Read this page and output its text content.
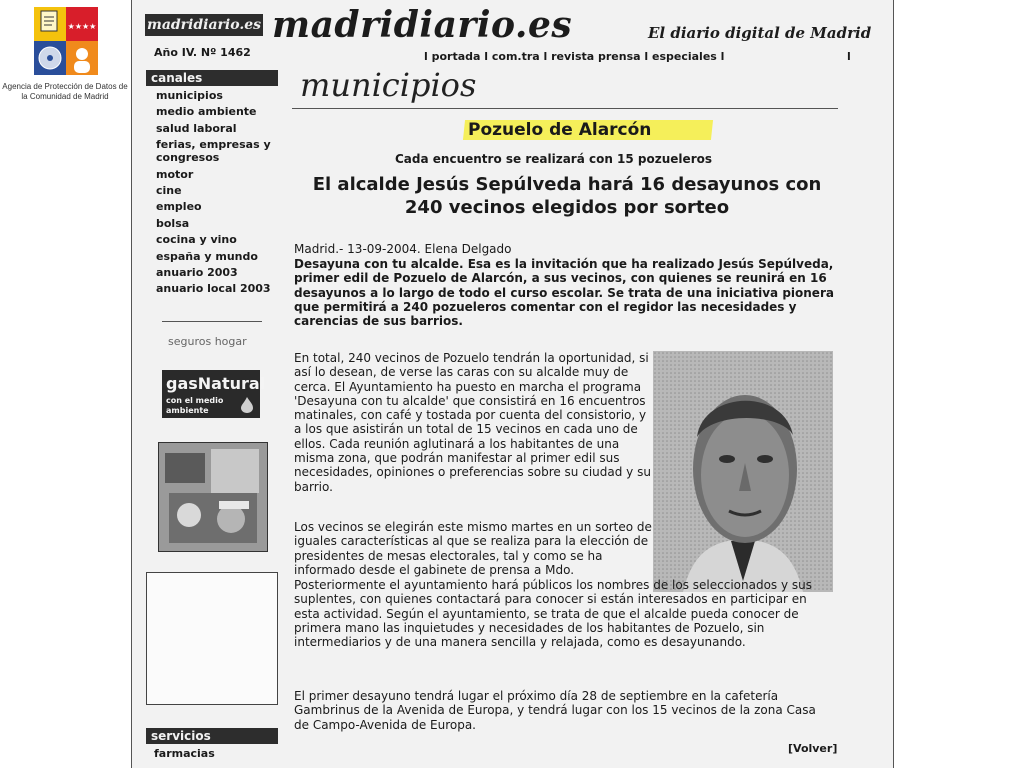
★★★★
Agencia de Protección de Datos de la Comunidad de Madrid
madridiario.es madridiario.es	El diario digital de Madrid
Año IV. Nº 1462	l portada l com.tra l revista prensa l especiales l	l
canales
municipios
medio ambiente
salud laboral
ferias, empresas y congresos
motor
cine
empleo
bolsa
cocina y vino
españa y mundo
anuario 2003
anuario local 2003
seguros hogar
gasNatural
con el medio ambiente
servicios
farmacias
municipios
Pozuelo de Alarcón
Cada encuentro se realizará con 15 pozueleros
El alcalde Jesús Sepúlveda hará 16 desayunos con 240 vecinos elegidos por sorteo
Madrid.- 13-09-2004. Elena Delgado
Desayuna con tu alcalde. Esa es la invitación que ha realizado Jesús Sepúlveda, primer edil de Pozuelo de Alarcón, a sus vecinos, con quienes se reunirá en 16 desayunos a lo largo de todo el curso escolar. Se trata de una iniciativa pionera que permitirá a 240 pozueleros comentar con el regidor las necesidades y carencias de sus barrios.
En total, 240 vecinos de Pozuelo tendrán la oportunidad, si así lo desean, de verse las caras con su alcalde muy de cerca. El Ayuntamiento ha puesto en marcha el programa 'Desayuna con tu alcalde' que consistirá en 16 encuentros matinales, con café y tostada por cuenta del consistorio, y a los que asistirán un total de 15 vecinos en cada uno de ellos. Cada reunión aglutinará a los habitantes de una misma zona, que podrán manifestar al primer edil sus necesidades, opiniones o preferencias sobre su ciudad y su barrio.
Los vecinos se elegirán este mismo martes en un sorteo de iguales características al que se realiza para la elección de presidentes de mesas electorales, tal y como se ha informado desde el gabinete de prensa a Mdo.
Posteriormente el ayuntamiento hará públicos los nombres de los seleccionados y sus suplentes, con quienes contactará para conocer si están interesados en participar en esta actividad. Según el ayuntamiento, se trata de que el alcalde pueda conocer de primera mano las inquietudes y necesidades de los habitantes de Pozuelo, sin intermediarios y de una manera sencilla y relajada, como es desayunando.
El primer desayuno tendrá lugar el próximo día 28 de septiembre en la cafetería Gambrinus de la Avenida de Europa, y tendrá lugar con los 15 vecinos de la zona Casa de Campo-Avenida de Europa.
[Volver]
